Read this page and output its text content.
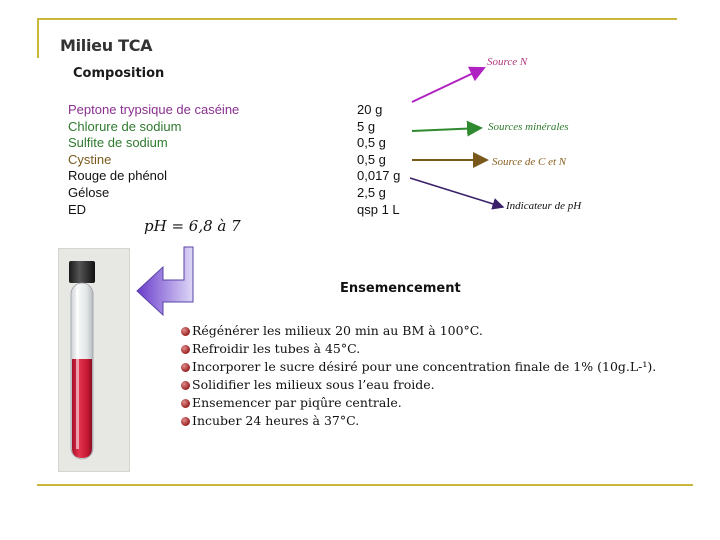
Milieu TCA
Composition
Peptone trypsique de caséine
Chlorure de sodium
Sulfite de sodium
Cystine
Rouge de phénol
Gélose
ED
20 g
5 g
0,5 g
0,5 g
0,017 g
2,5 g
qsp 1 L
pH = 6,8 à 7
Source N
Sources minérales
Source de C et N
Indicateur de pH
Ensemencement
Régénérer les milieux 20 min au BM à 100°C.
Refroidir les tubes à 45°C.
Incorporer le sucre désiré pour une concentration finale de 1% (10g.L-¹).
Solidifier les milieux sous l’eau froide.
Ensemencer par piqûre centrale.
Incuber 24 heures à 37°C.
